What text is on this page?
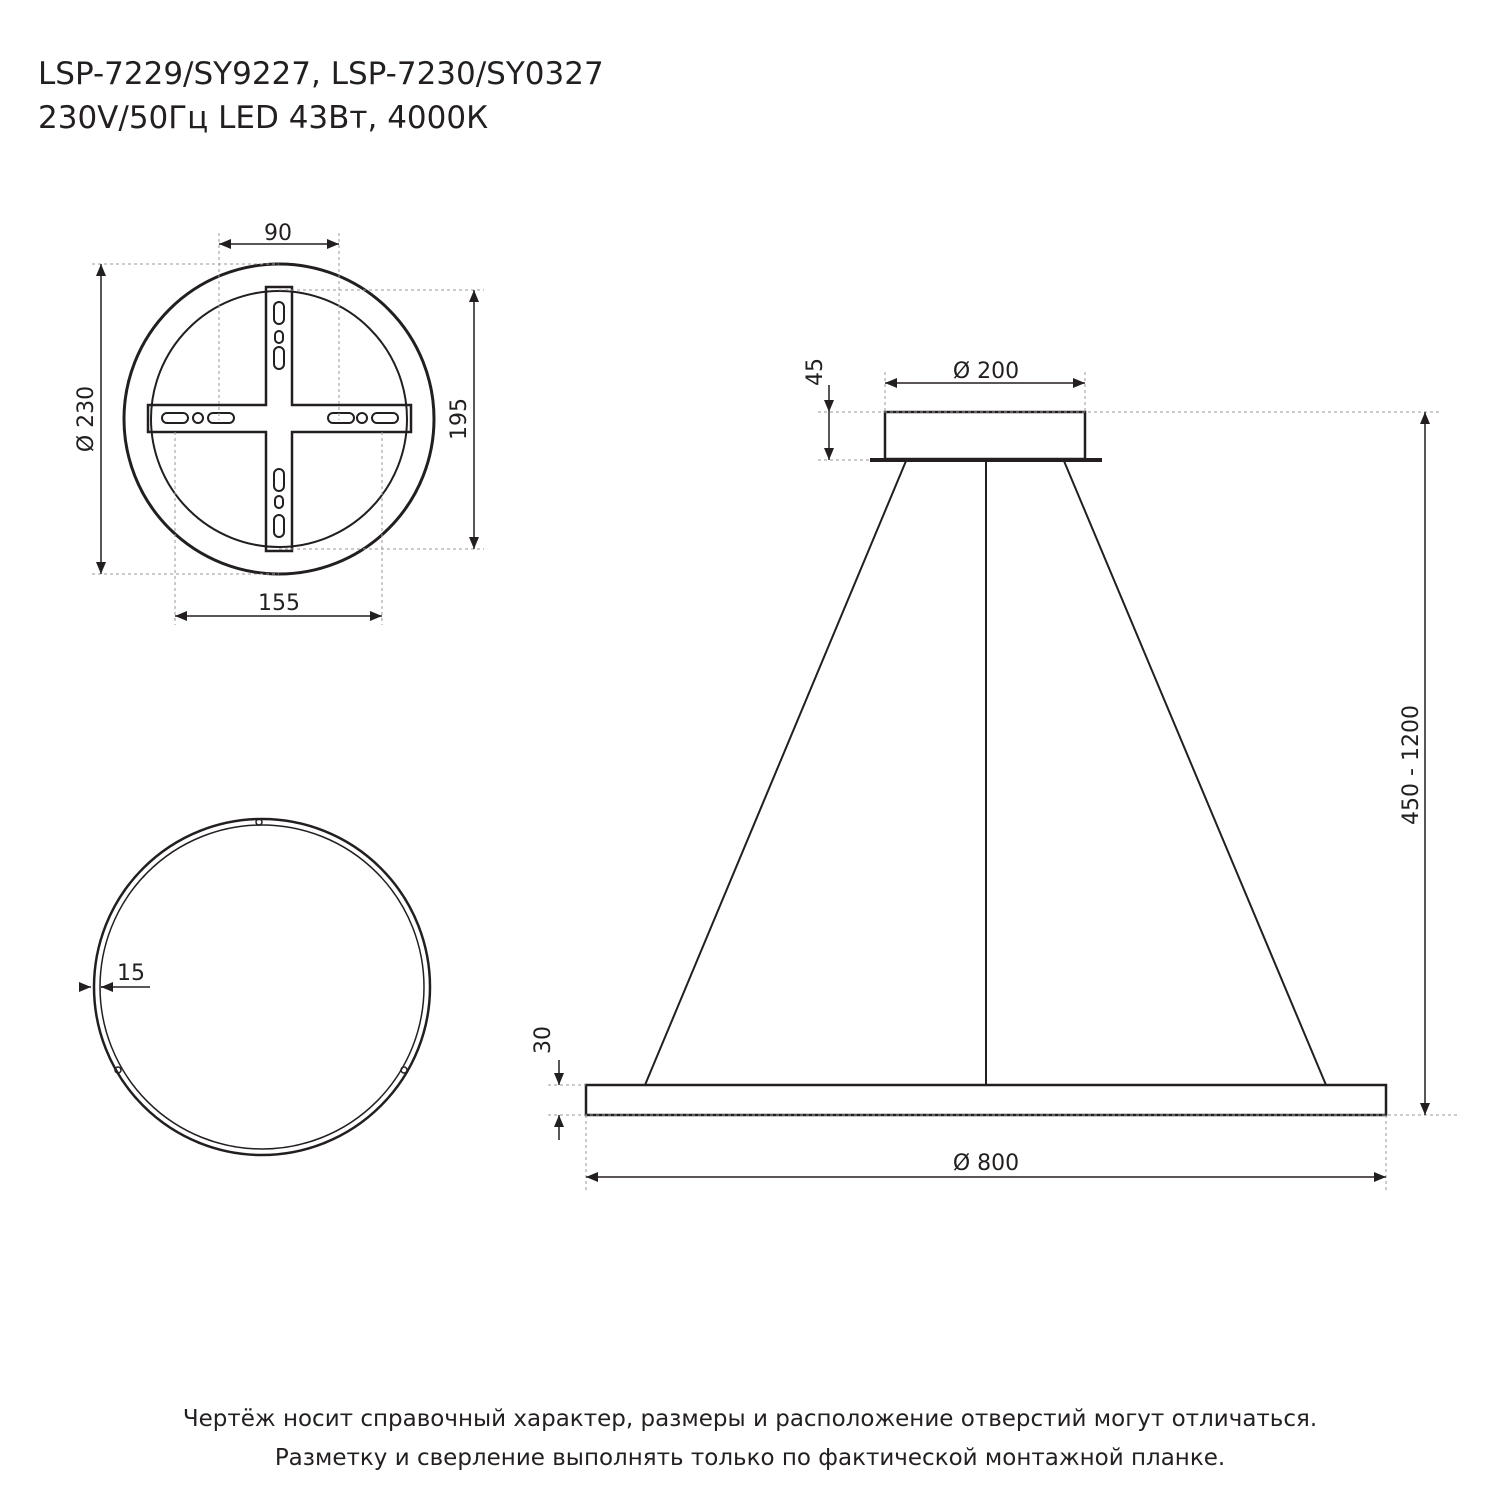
LSP-7229/SY9227, LSP-7230/SY0327
230V/50Гц LED 43Вт, 4000К
90
Ø 230	195
155
15
45	Ø 200
450 - 1200
30
Ø 800
Чертёж носит справочный характер, размеры и расположение отверстий могут отличаться.
Разметку и сверление выполнять только по фактической монтажной планке.
